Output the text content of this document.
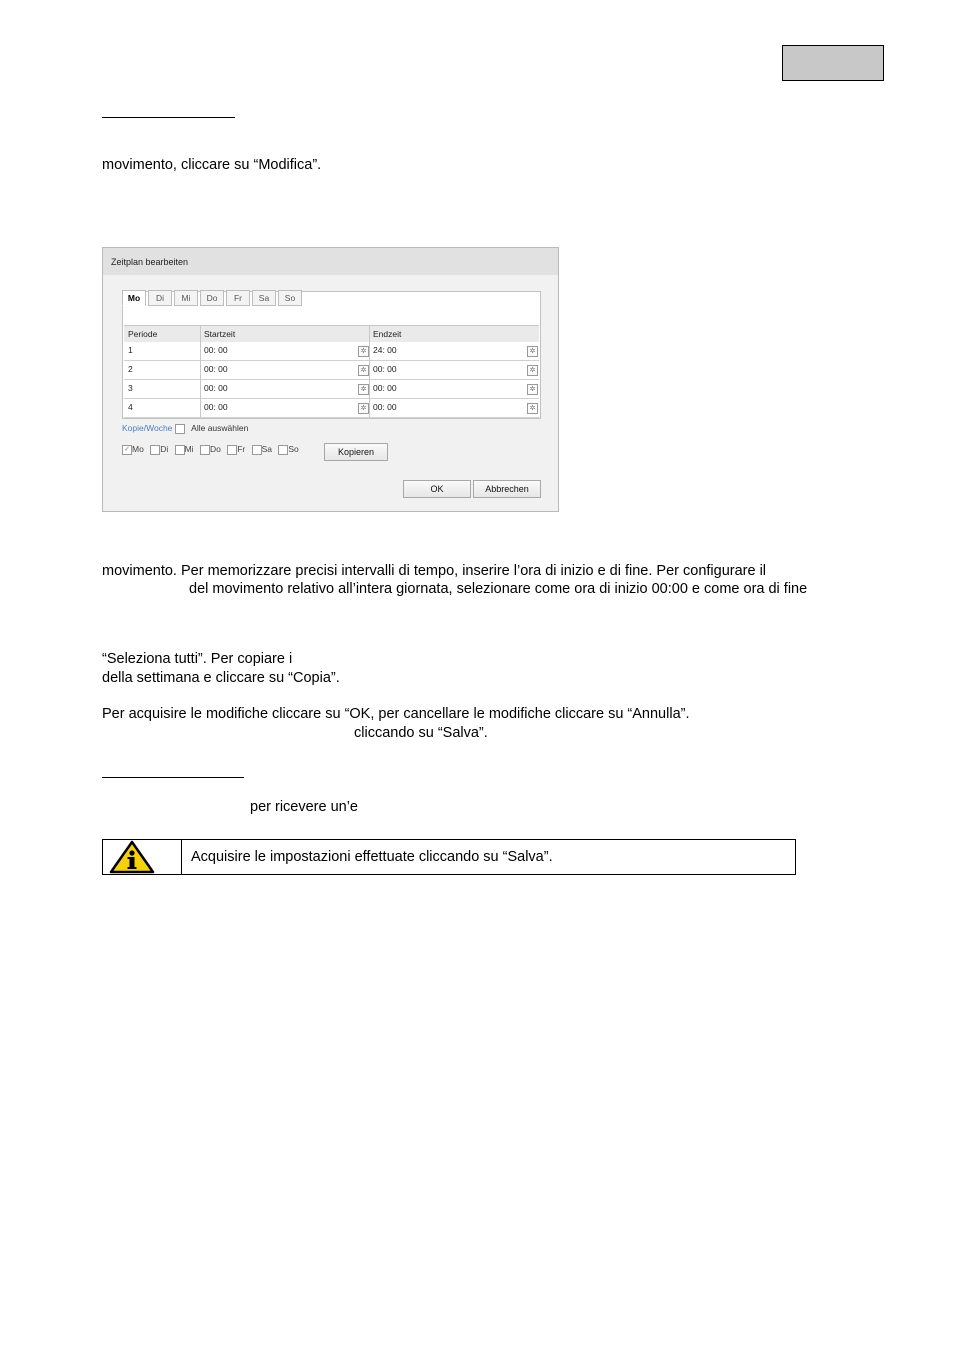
movimento, cliccare su “Modifica”.
Zeitplan bearbeiten
Mo	Di	Mi	Do	Fr	Sa	So
Periode	Startzeit	Endzeit
1	00: 00	✲ 24: 00	✲
2	00: 00	✲ 00: 00	✲
3	00: 00	✲ 00: 00	✲
4	00: 00	✲ 00: 00	✲
Kopie/Woche Alle auswählen
✓ Mo Di Mi Do Fr Sa So	Kopieren
OK	Abbrechen
movimento. Per memorizzare precisi intervalli di tempo, inserire l’ora di inizio e di fine. Per configurare il
del movimento relativo all’intera giornata, selezionare come ora di inizio 00:00 e come ora di fine
“Seleziona tutti”. Per copiare i
della settimana e cliccare su “Copia”.
Per acquisire le modifiche cliccare su “OK, per cancellare le modifiche cliccare su “Annulla”.
cliccando su “Salva”.
per ricevere un’e
Acquisire le impostazioni effettuate cliccando su “Salva”.
